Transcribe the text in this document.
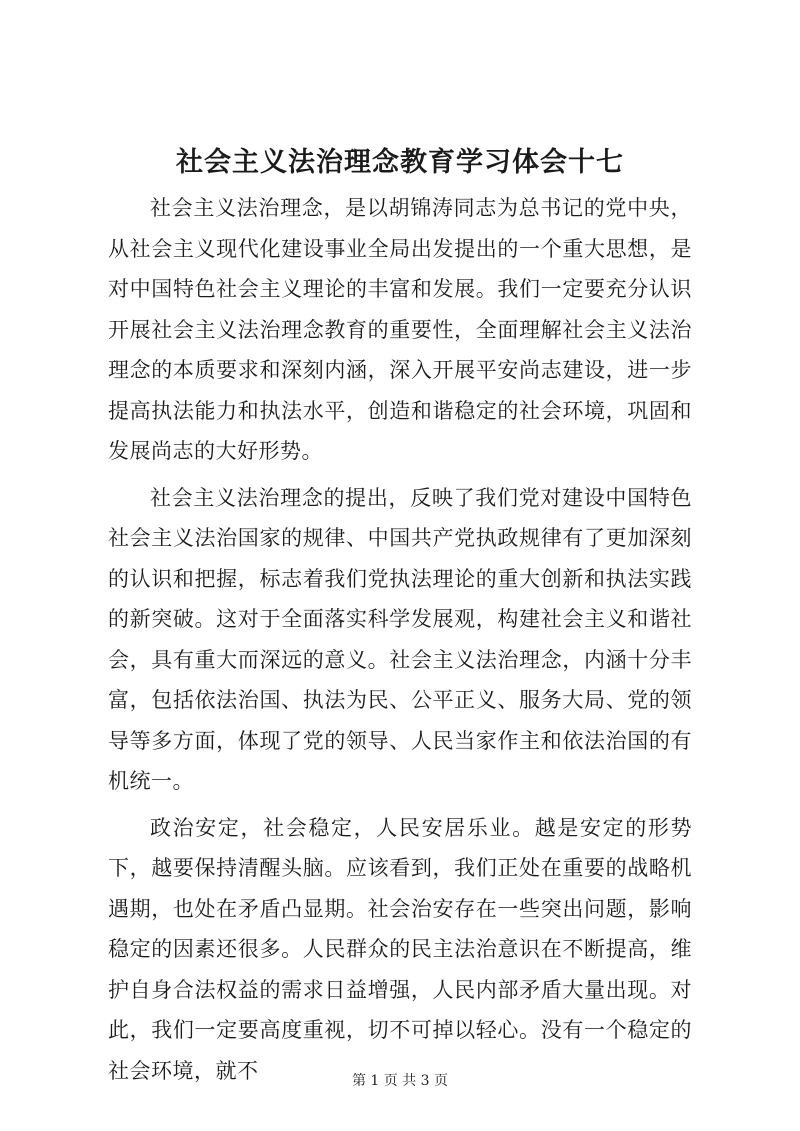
社会主义法治理念教育学习体会十七

社会主义法治理念，是以胡锦涛同志为总书记的党中央，从社会主义现代化建设事业全局出发提出的一个重大思想，是对中国特色社会主义理论的丰富和发展。我们一定要充分认识开展社会主义法治理念教育的重要性，全面理解社会主义法治理念的本质要求和深刻内涵，深入开展平安尚志建设，进一步提高执法能力和执法水平，创造和谐稳定的社会环境，巩固和发展尚志的大好形势。

社会主义法治理念的提出，反映了我们党对建设中国特色社会主义法治国家的规律、中国共产党执政规律有了更加深刻的认识和把握，标志着我们党执法理论的重大创新和执法实践的新突破。这对于全面落实科学发展观，构建社会主义和谐社会，具有重大而深远的意义。社会主义法治理念，内涵十分丰富，包括依法治国、执法为民、公平正义、服务大局、党的领导等多方面，体现了党的领导、人民当家作主和依法治国的有机统一。

政治安定，社会稳定，人民安居乐业。越是安定的形势下，越要保持清醒头脑。应该看到，我们正处在重要的战略机遇期，也处在矛盾凸显期。社会治安存在一些突出问题，影响稳定的因素还很多。人民群众的民主法治意识在不断提高，维护自身合法权益的需求日益增强，人民内部矛盾大量出现。对此，我们一定要高度重视，切不可掉以轻心。没有一个稳定的社会环境，就不	第 1 页 共 3 页
